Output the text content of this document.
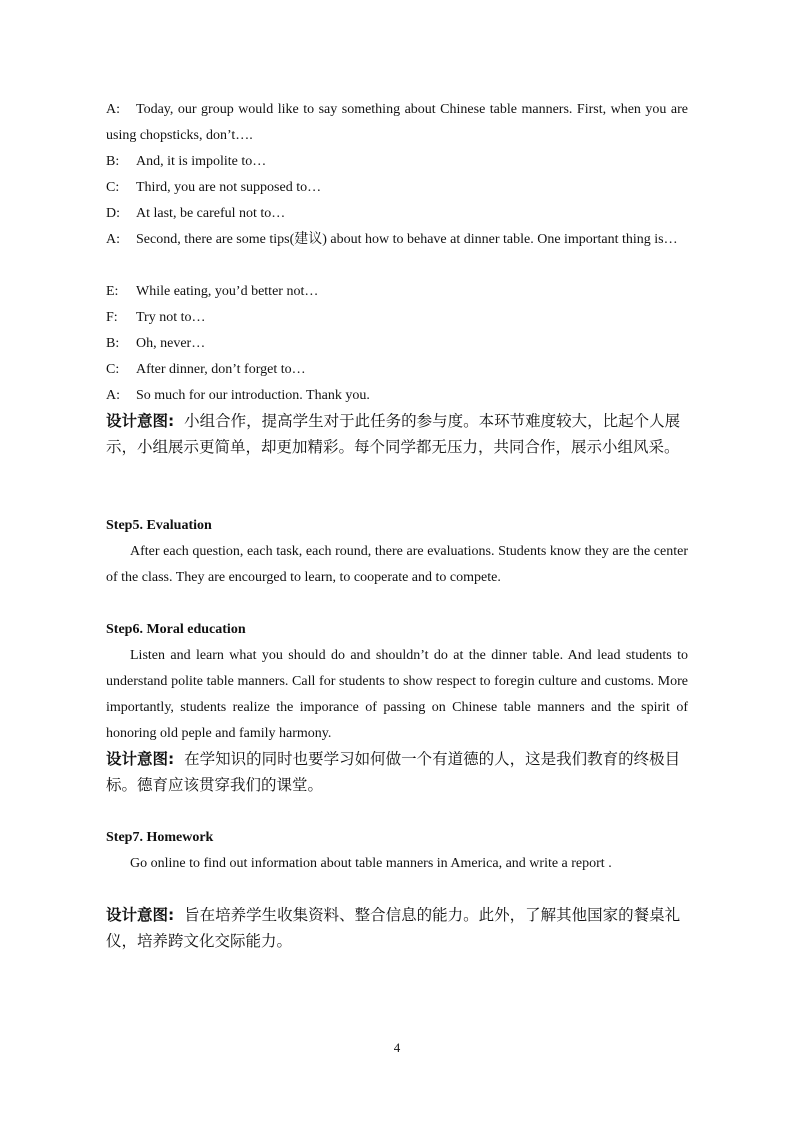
A: Today, our group would like to say something about Chinese table manners. First, when you are using chopsticks, don’t….

B: And, it is impolite to…

C: Third, you are not supposed to…

D: At last, be careful not to…

A: Second, there are some tips(建议) about how to behave at dinner table. One important thing is…

E: While eating, you’d better not…

F: Try not to…

B: Oh, never…

C: After dinner, don’t forget to…

A: So much for our introduction. Thank you.

设计意图: 小组合作，提高学生对于此任务的参与度。本环节难度较大，比起个人展示，小组展示更简单，却更加精彩。每个同学都无压力，共同合作，展示小组风采。

Step5. Evaluation

After each question, each task, each round, there are evaluations. Students know they are the center of the class. They are encourged to learn, to cooperate and to compete.

Step6. Moral education

Listen and learn what you should do and shouldn’t do at the dinner table. And lead students to understand polite table manners. Call for students to show respect to foregin culture and customs. More importantly, students realize the imporance of passing on Chinese table manners and the spirit of honoring old peple and family harmony.

设计意图: 在学知识的同时也要学习如何做一个有道德的人，这是我们教育的终极目标。德育应该贯穿我们的课堂。

Step7. Homework

Go online to find out information about table manners in America, and write a report .

设计意图: 旨在培养学生收集资料、整合信息的能力。此外，了解其他国家的餐桌礼仪，培养跨文化交际能力。

4
